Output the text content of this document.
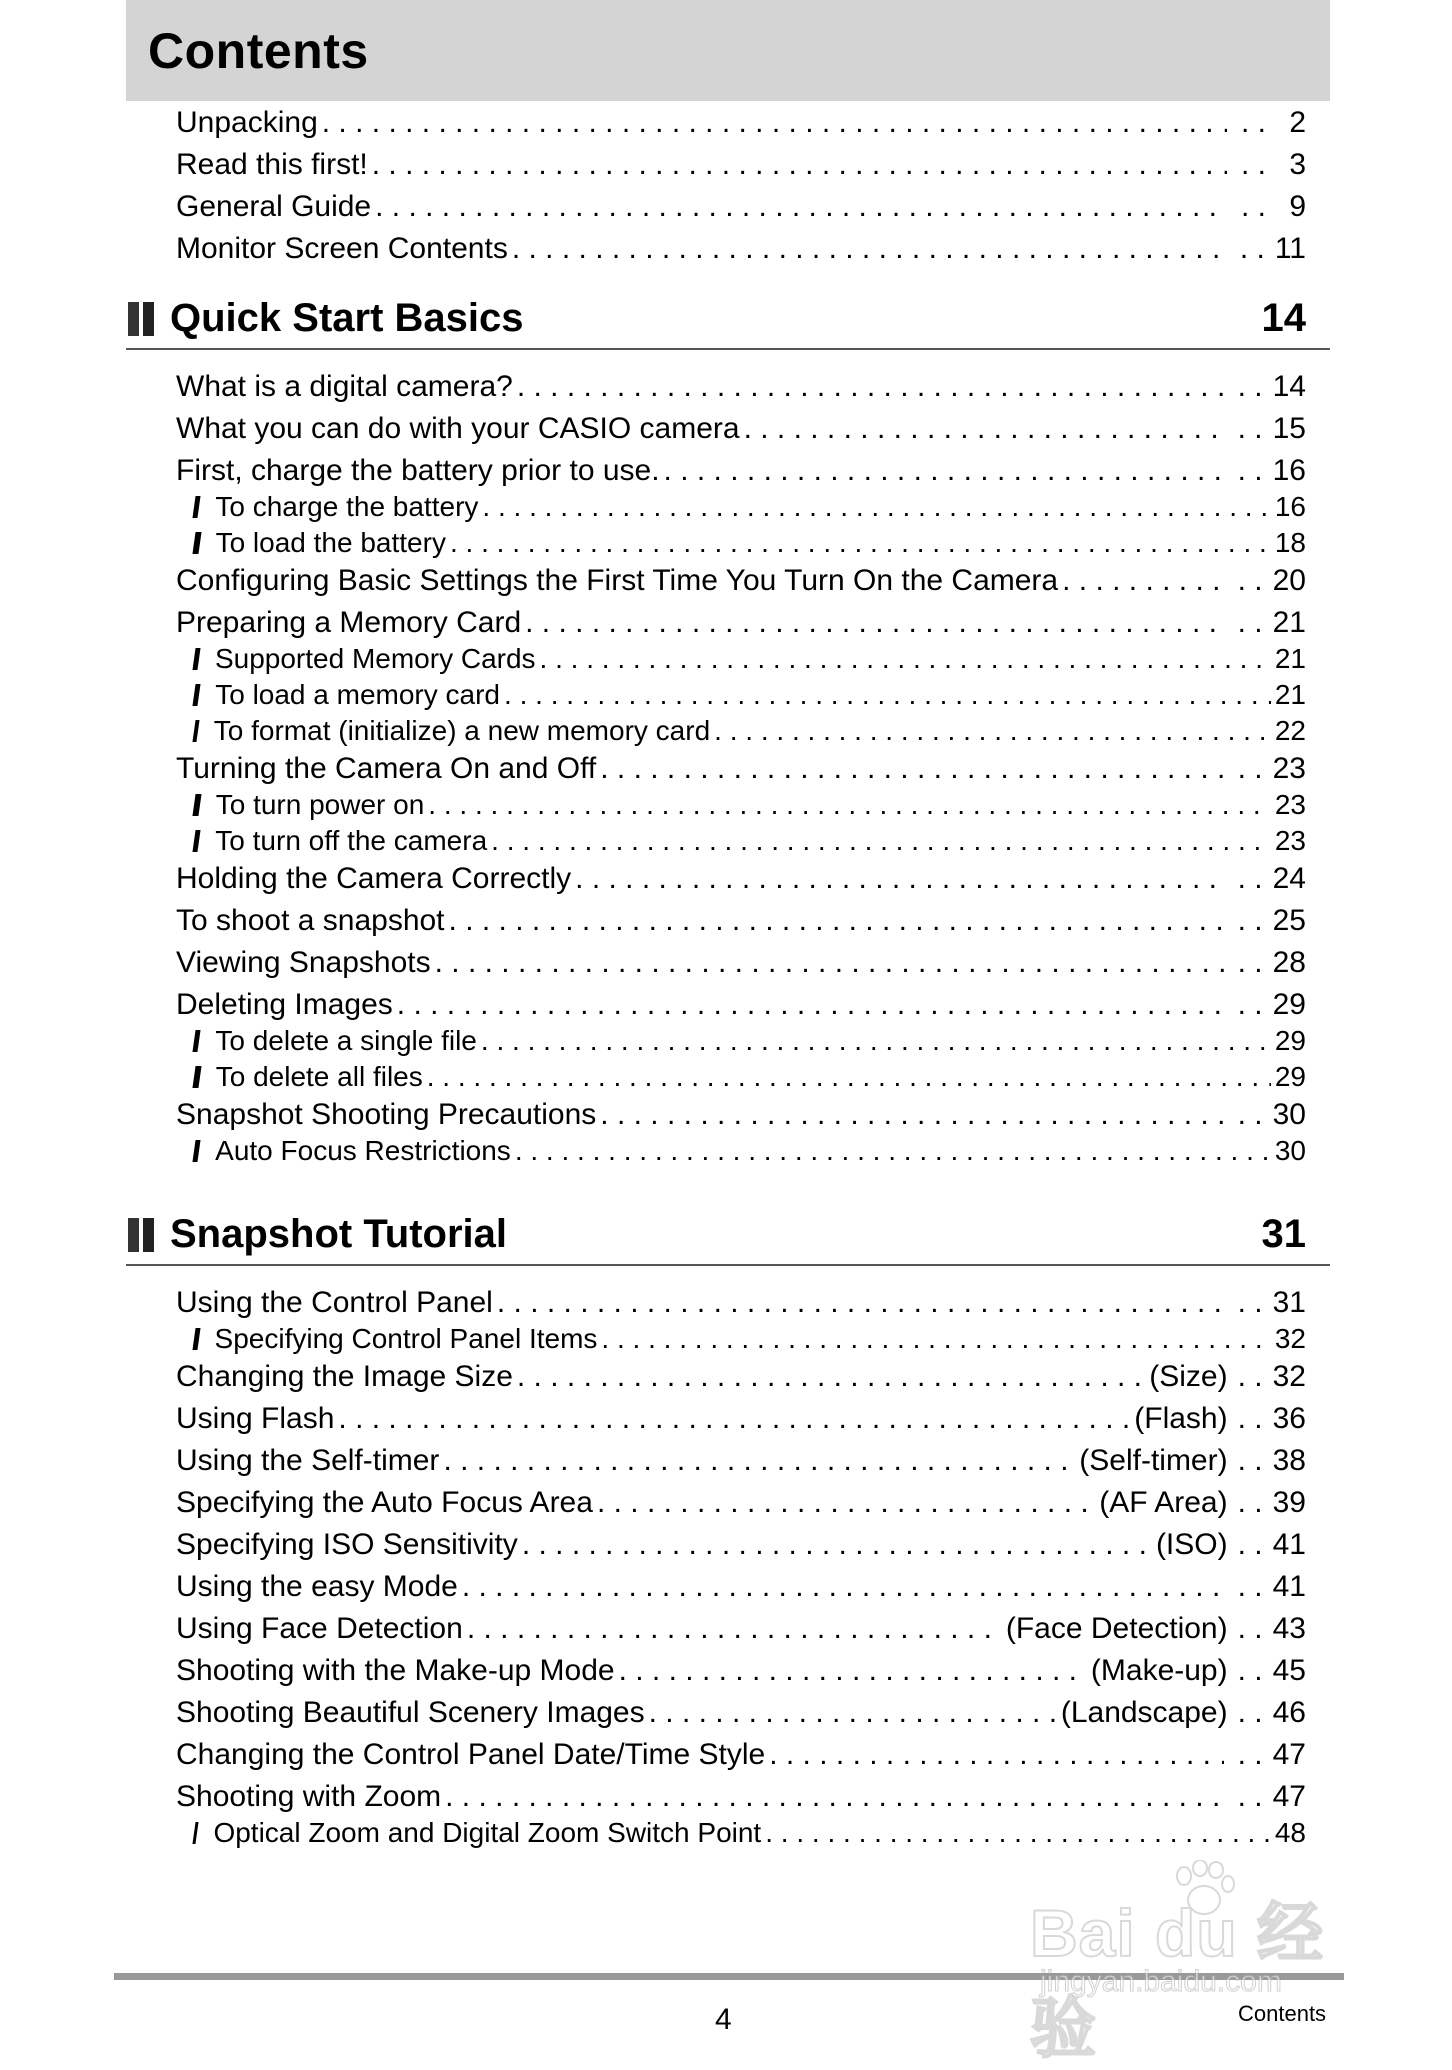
Contents
Unpacking . . .	. . 2
Read this first! . . .	. . 3
General Guide . . .	. . 9
Monitor Screen Contents . . .	. . 11
Quick Start Basics	14
What is a digital camera? . . .	. . 14
What you can do with your CASIO camera . . .	. . 15
First, charge the battery prior to use. . . .	. . 16
To charge the battery . . .	16
To load the battery . . .	18
Configuring Basic Settings the First Time You Turn On the Camera . . .	. . 20
Preparing a Memory Card . . .	. . 21
Supported Memory Cards . . .	21
To load a memory card . . .	21
To format (initialize) a new memory card . . .	22
Turning the Camera On and Off . . .	. . 23
To turn power on . . .	23
To turn off the camera . . .	23
Holding the Camera Correctly . . .	. . 24
To shoot a snapshot . . .	. . 25
Viewing Snapshots . . .	. . 28
Deleting Images . . .	. . 29
To delete a single file . . .	29
To delete all files . . .	29
Snapshot Shooting Precautions . . .	. . 30
Auto Focus Restrictions . . .	30
Snapshot Tutorial	31
Using the Control Panel . . .	. . 31
Specifying Control Panel Items . . .	32
Changing the Image Size . . .	(Size) . . 32
Using Flash . . .	(Flash) . . 36
Using the Self-timer . . .	(Self-timer) . . 38
Specifying the Auto Focus Area . . .	(AF Area) . . 39
Specifying ISO Sensitivity . . .	(ISO) . . 41
Using the easy Mode . . .	. . 41
Using Face Detection . . .	(Face Detection) . . 43
Shooting with the Make-up Mode . . .	(Make-up) . . 45
Shooting Beautiful Scenery Images . . .	(Landscape) . . 46
Changing the Control Panel Date/Time Style . . .	. . 47
Shooting with Zoom . . .	. . 47
Optical Zoom and Digital Zoom Switch Point . . .	48
4	Contents
Bai du 经验
jingyan.baidu.com
